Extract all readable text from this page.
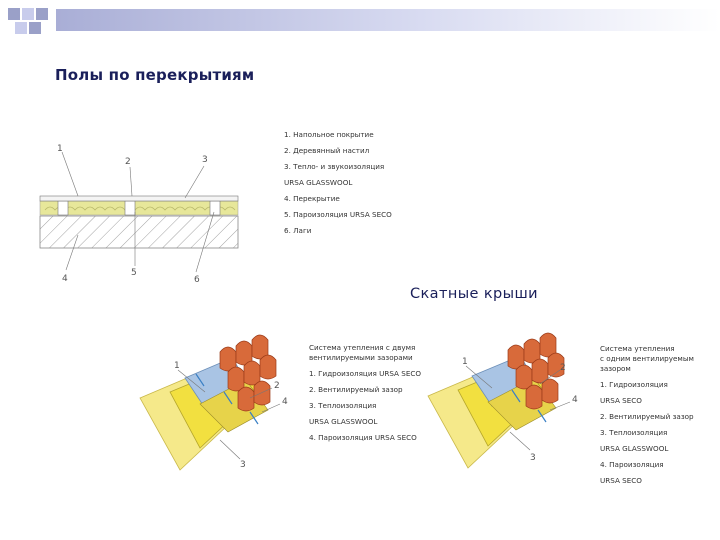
Полы по перекрытиям
1
2	3
4
5
6
1. Напольное покрытие
2. Деревянный настил
3. Тепло- и звукоизоляция
URSA GLASSWOOL
4. Перекрытие
5. Пароизоляция URSA SECO
6. Лаги
Скатные крыши
1
2
4
3
Система утепления с двумя
вентилируемыми зазорами
1. Гидроизоляция URSA SECO
2. Вентилируемый зазор
3. Теплоизоляция
URSA GLASSWOOL
4. Пароизоляция URSA SECO
1
2
4
3
Система утепления
с одним вентилируемым
зазором
1. Гидроизоляция
URSA SECO
2. Вентилируемый зазор
3. Теплоизоляция
URSA GLASSWOOL
4. Пароизоляция
URSA SECO
